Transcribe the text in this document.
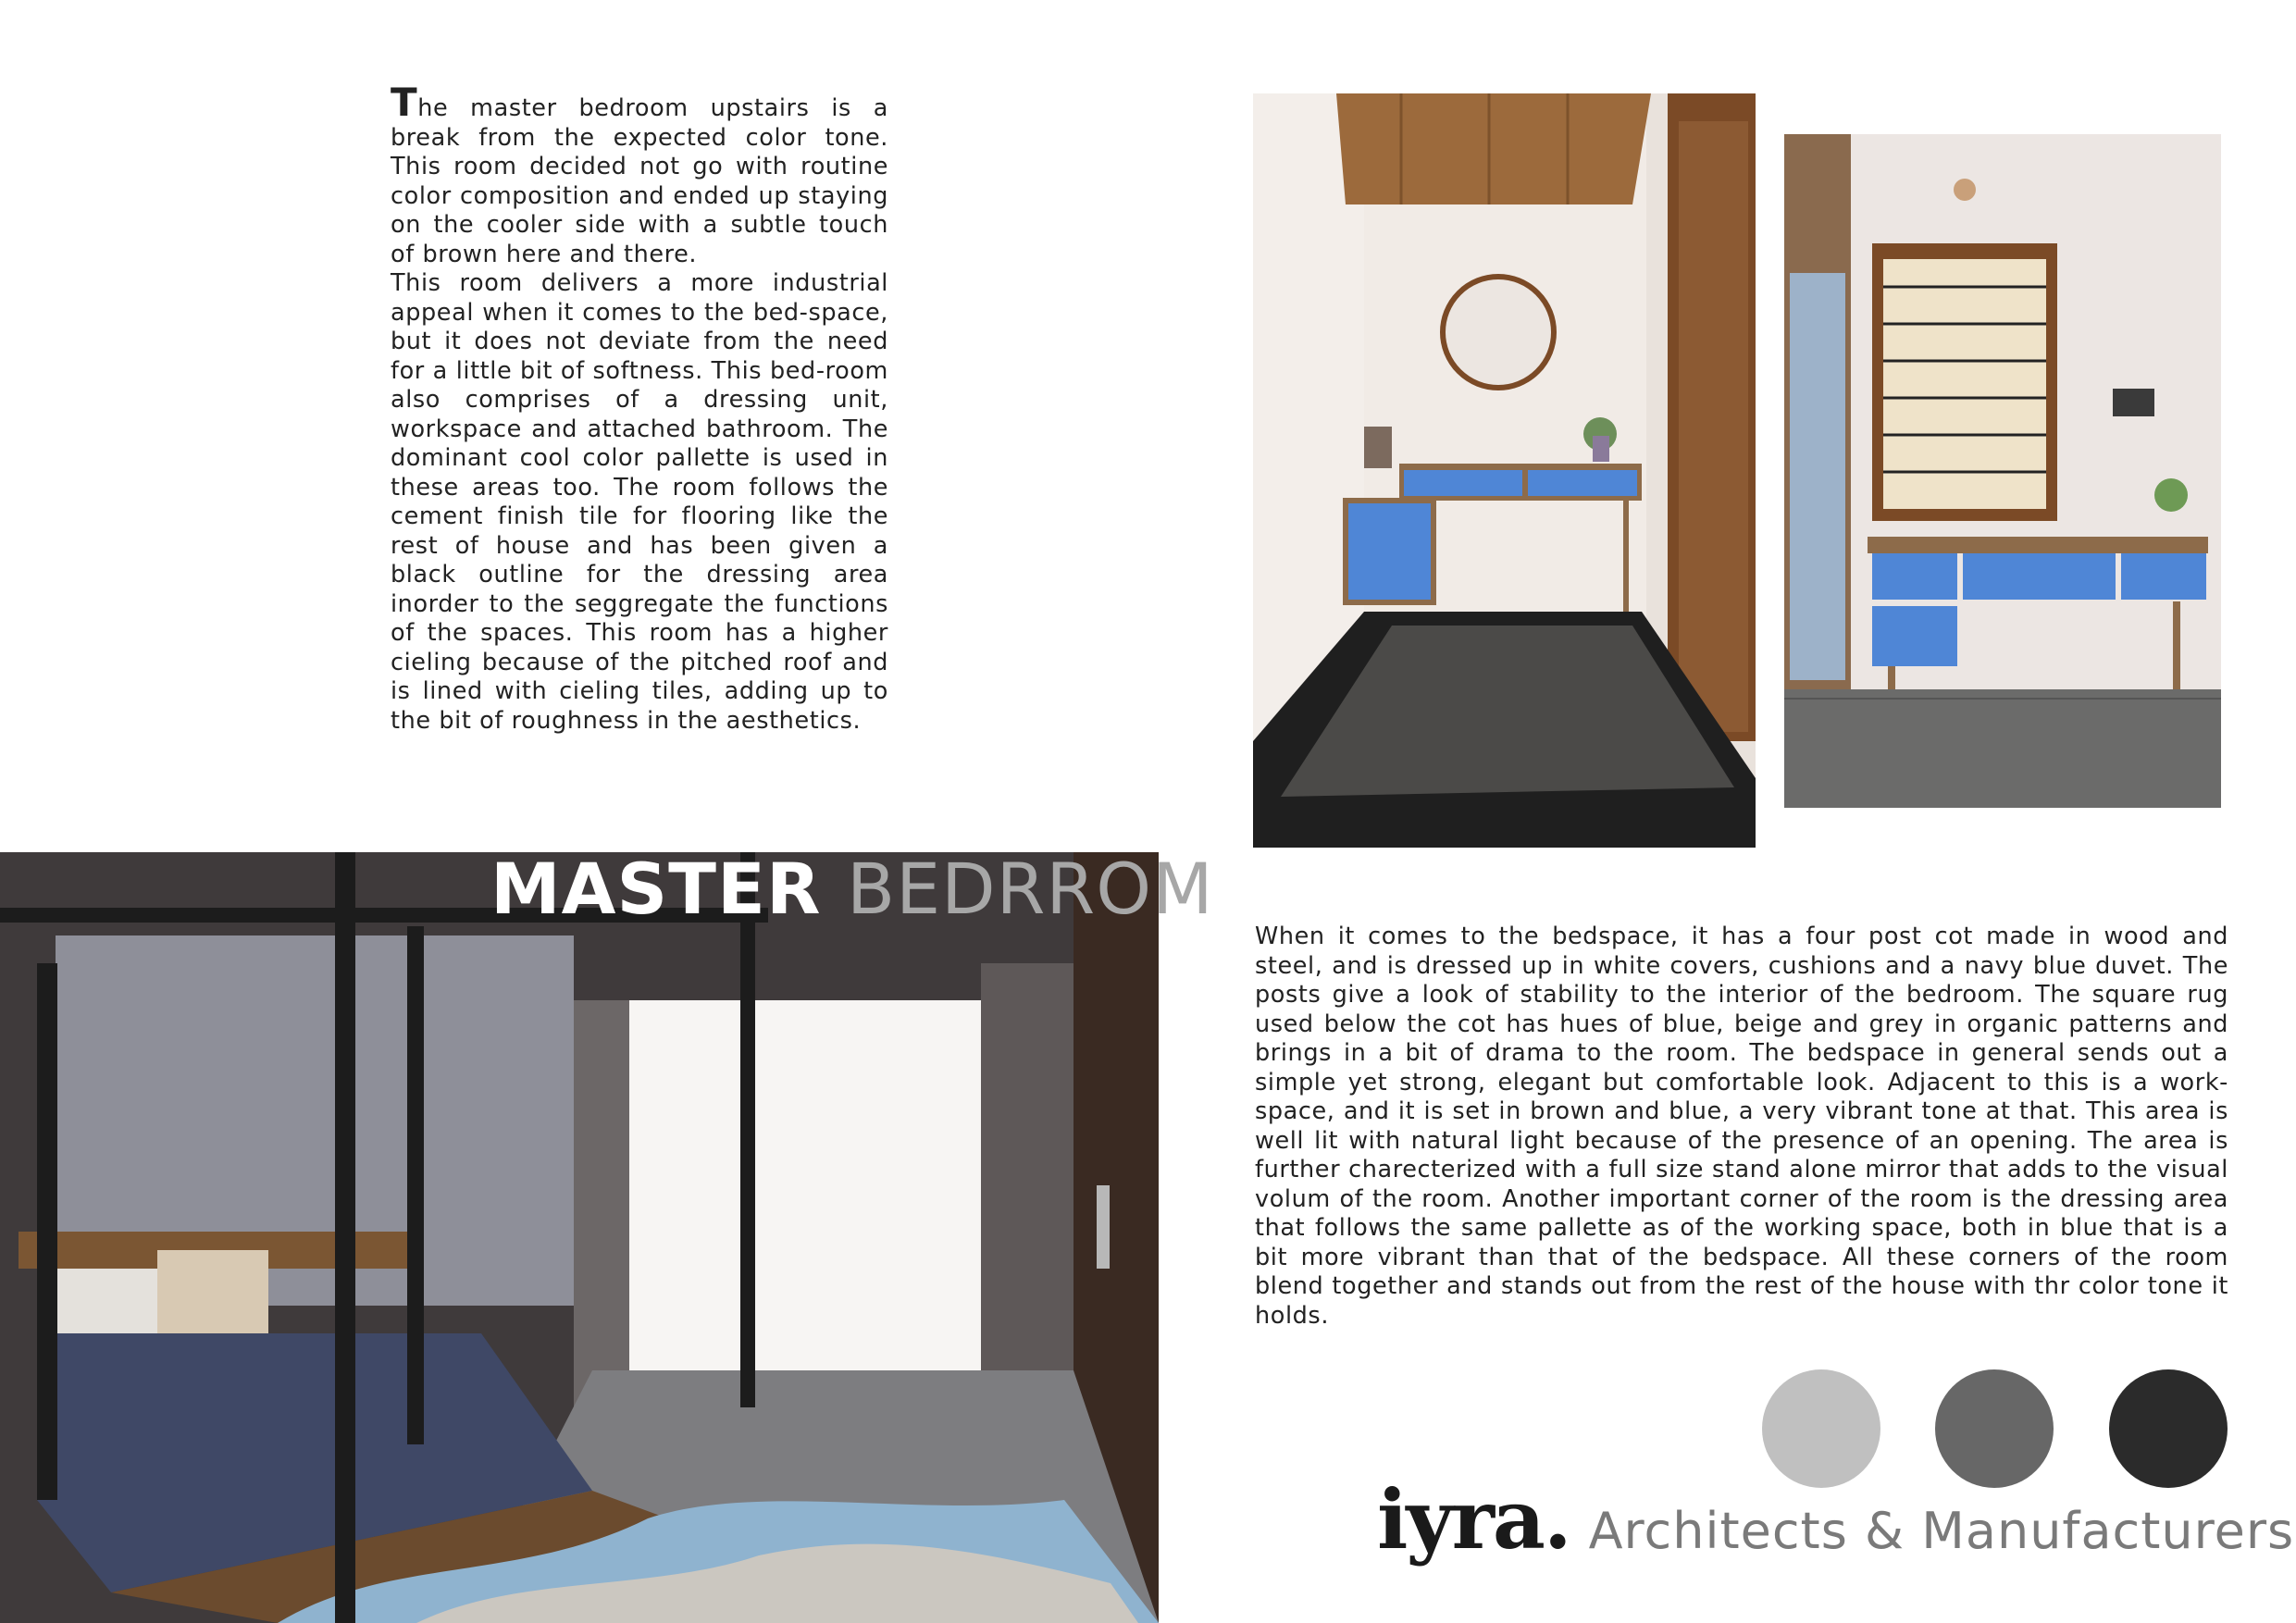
The master bedroom upstairs is a break from the expected color tone. This room decided not go with routine color composition and ended up staying on the cooler side with a subtle touch of brown here and there.
This room delivers a more industrial appeal when it comes to the bed-space, but it does not deviate from the need for a little bit of softness. This bed-room also comprises of a dressing unit, workspace and attached bathroom. The dominant cool color pallette is used in these areas too. The room follows the cement finish tile for flooring like the rest of house and has been given a black outline for the dressing area inorder to the seggregate the functions of the spaces. This room has a higher cieling because of the pitched roof and is lined with cieling tiles, adding up to the bit of roughness in the aesthetics.

MASTER BEDRROM

When it comes to the bedspace, it has a four post cot made in wood and steel, and is dressed up in white covers, cushions and a navy blue duvet. The posts give a look of stability to the interior of the bedroom. The square rug used below the cot has hues of blue, beige and grey in organic patterns and brings in a bit of drama to the room. The bedspace in general sends out a simple yet strong, elegant but comfortable look. Adjacent to this is a work-space, and it is set in brown and blue, a very vibrant tone at that. This area is well lit with natural light because of the presence of an opening. The area is further charecterized with a full size stand alone mirror that adds to the visual volum of the room. Another important corner of the room is the dressing area that follows the same pallette as of the working space, both in blue that is a bit more vibrant than that of the bedspace. All these corners of the room blend together and stands out from the rest of the house with thr color tone it holds.

iyra. Architects & Manufacturers
